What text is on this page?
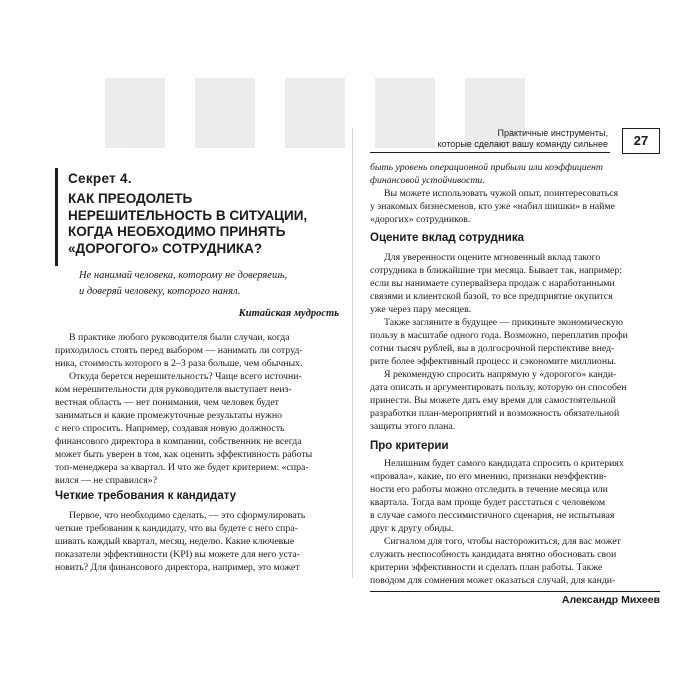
Секрет 4.
КАК ПРЕОДОЛЕТЬ
НЕРЕШИТЕЛЬНОСТЬ В СИТУАЦИИ,
КОГДА НЕОБХОДИМО ПРИНЯТЬ
«ДОРОГОГО» СОТРУДНИКА?
Не нанимай человека, которому не доверяешь,
и доверяй человеку, которого нанял.
Китайская мудрость
В практике любого руководителя были случаи, когда
приходилось стоять перед выбором — нанимать ли сотруд-
ника, стоимость которого в 2–3 раза больше, чем обычных.
Откуда берется нерешительность? Чаще всего источни-
ком нерешительности для руководителя выступает неиз-
вестная область — нет понимания, чем человек будет
заниматься и какие промежуточные результаты нужно
с него спросить. Например, создавая новую должность
финансового директора в компании, собственник не всегда
может быть уверен в том, как оценить эффективность работы
топ-менеджера за квартал. И что же будет критерием: «спра-
вился — не справился»?
Четкие требования к кандидату
Первое, что необходимо сделать, — это сформулировать
четкие требования к кандидату, что вы будете с него спра-
шивать каждый квартал, месяц, неделю. Какие ключевые
показатели эффективности (KPI) вы можете для него уста-
новить? Для финансового директора, например, это может
Практичные инструменты,
которые сделают вашу команду сильнее	27
быть уровень операционной прибыли или коэффициент
финансовой устойчивости.
Вы можете использовать чужой опыт, поинтересоваться
у знакомых бизнесменов, кто уже «набил шишки» в найме
«дорогих» сотрудников.
Оцените вклад сотрудника
Для уверенности оцените мгновенный вклад такого
сотрудника в ближайшие три месяца. Бывает так, например:
если вы нанимаете супервайзера продаж с наработанными
связями и клиентской базой, то все предприятие окупится
уже через пару месяцев.
Также загляните в будущее — прикиньте экономическую
пользу в масштабе одного года. Возможно, переплатив профи
сотни тысяч рублей, вы в долгосрочной перспективе внед-
рите более эффективный процесс и сэкономите миллионы.
Я рекомендую спросить напрямую у «дорогого» канди-
дата описать и аргументировать пользу, которую он способен
принести. Вы можете дать ему время для самостоятельной
разработки план-мероприятий и возможность обязательной
защиты этого плана.
Про критерии
Нелишним будет самого кандидата спросить о критериях
«провала», какие, по его мнению, признаки неэффектив-
ности его работы можно отследить в течение месяца или
квартала. Тогда вам проще будет расстаться с человеком
в случае самого пессимистичного сценария, не испытывая
друг к другу обиды.
Сигналом для того, чтобы насторожиться, для вас может
служить неспособность кандидата внятно обосновать свои
критерии эффективности и сделать план работы. Также
поводом для сомнения может оказаться случай, для канди-
Александр Михеев
